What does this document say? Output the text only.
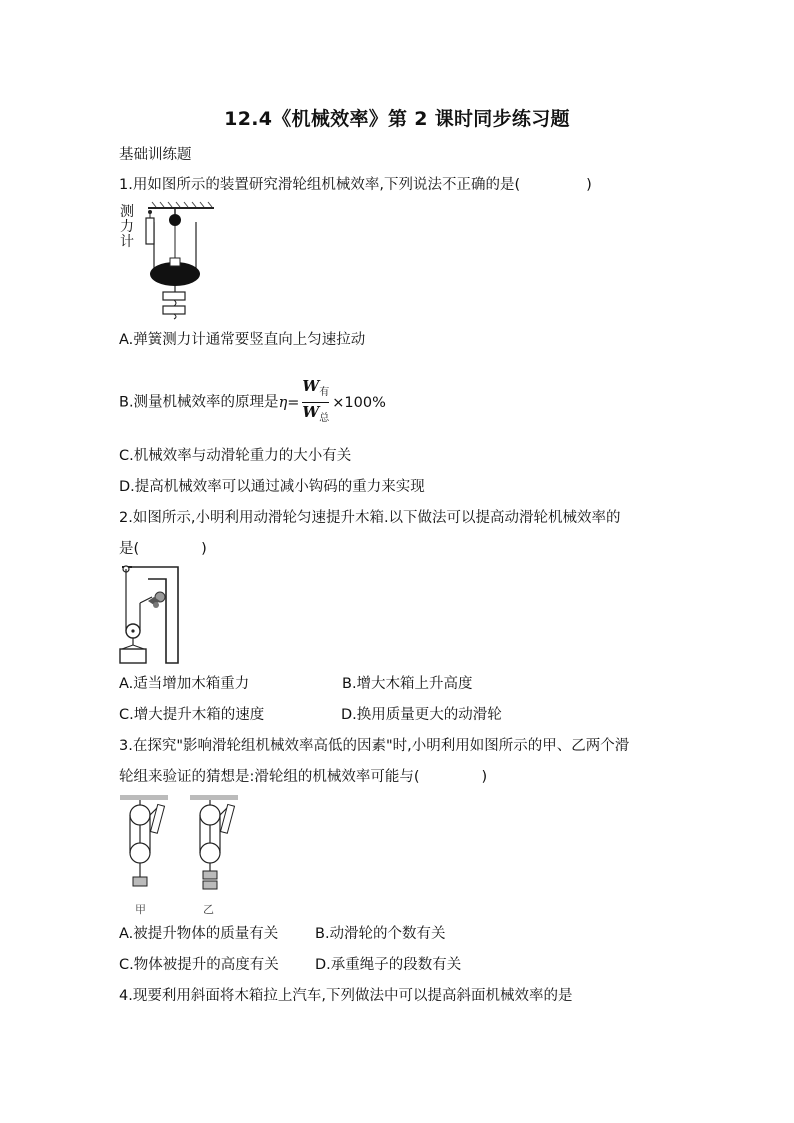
12.4《机械效率》第 2 课时同步练习题
基础训练题
1.用如图所示的装置研究滑轮组机械效率,下列说法不正确的是(	)
测力计
A.弹簧测力计通常要竖直向上匀速拉动
B.测量机械效率的原理是 $\eta = \frac{W_有}{W_总} \times 100\%$
C.机械效率与动滑轮重力的大小有关
D.提高机械效率可以通过减小钩码的重力来实现
2.如图所示,小明利用动滑轮匀速提升木箱.以下做法可以提高动滑轮机械效率的
是(	)
A.适当增加木箱重力	B.增大木箱上升高度
C.增大提升木箱的速度	D.换用质量更大的动滑轮
3.在探究"影响滑轮组机械效率高低的因素"时,小明利用如图所示的甲、乙两个滑
轮组来验证的猜想是:滑轮组的机械效率可能与(	)
甲	乙
A.被提升物体的质量有关	B.动滑轮的个数有关
C.物体被提升的高度有关	D.承重绳子的段数有关
4.现要利用斜面将木箱拉上汽车,下列做法中可以提高斜面机械效率的是
